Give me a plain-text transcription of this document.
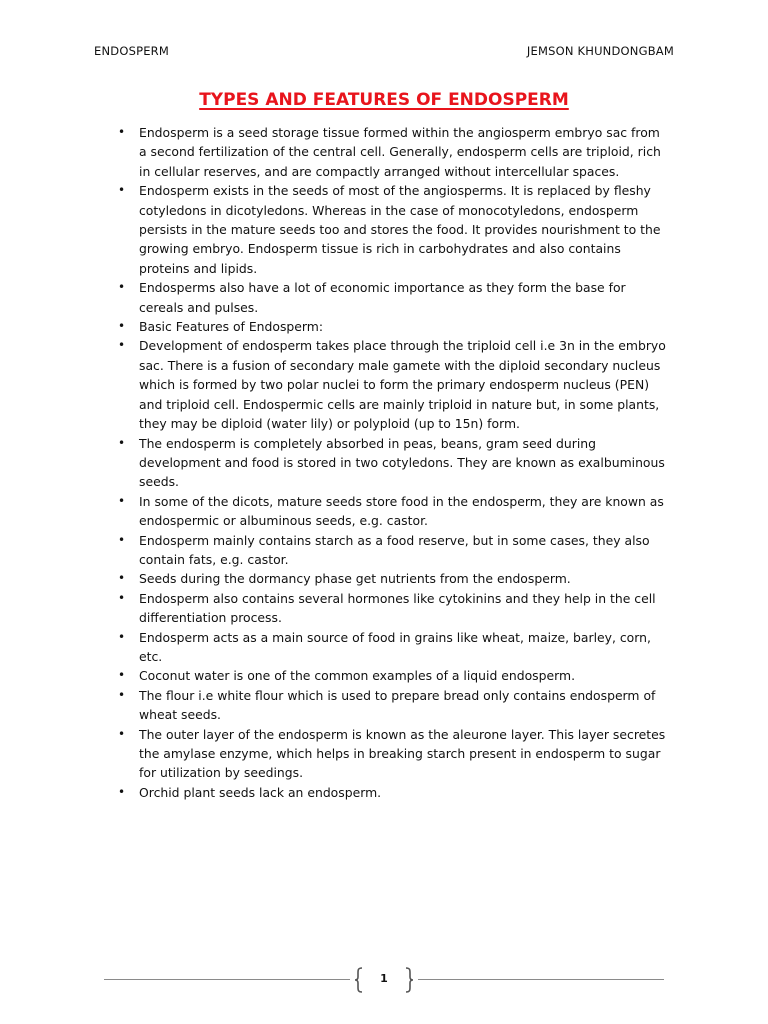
ENDOSPERM	JEMSON KHUNDONGBAM
TYPES AND FEATURES OF ENDOSPERM
• Endosperm is a seed storage tissue formed within the angiosperm embryo sac from
a second fertilization of the central cell. Generally, endosperm cells are triploid, rich
in cellular reserves, and are compactly arranged without intercellular spaces.
• Endosperm exists in the seeds of most of the angiosperms. It is replaced by fleshy
cotyledons in dicotyledons. Whereas in the case of monocotyledons, endosperm
persists in the mature seeds too and stores the food. It provides nourishment to the
growing embryo. Endosperm tissue is rich in carbohydrates and also contains
proteins and lipids.
• Endosperms also have a lot of economic importance as they form the base for
cereals and pulses.
• Basic Features of Endosperm:
• Development of endosperm takes place through the triploid cell i.e 3n in the embryo
sac. There is a fusion of secondary male gamete with the diploid secondary nucleus
which is formed by two polar nuclei to form the primary endosperm nucleus (PEN)
and triploid cell. Endospermic cells are mainly triploid in nature but, in some plants,
they may be diploid (water lily) or polyploid (up to 15n) form.
• The endosperm is completely absorbed in peas, beans, gram seed during
development and food is stored in two cotyledons. They are known as exalbuminous
seeds.
• In some of the dicots, mature seeds store food in the endosperm, they are known as
endospermic or albuminous seeds, e.g. castor.
• Endosperm mainly contains starch as a food reserve, but in some cases, they also
contain fats, e.g. castor.
• Seeds during the dormancy phase get nutrients from the endosperm.
• Endosperm also contains several hormones like cytokinins and they help in the cell
differentiation process.
• Endosperm acts as a main source of food in grains like wheat, maize, barley, corn,
etc.
• Coconut water is one of the common examples of a liquid endosperm.
• The flour i.e white flour which is used to prepare bread only contains endosperm of
wheat seeds.
• The outer layer of the endosperm is known as the aleurone layer. This layer secretes
the amylase enzyme, which helps in breaking starch present in endosperm to sugar
for utilization by seedings.
• Orchid plant seeds lack an endosperm.
1
